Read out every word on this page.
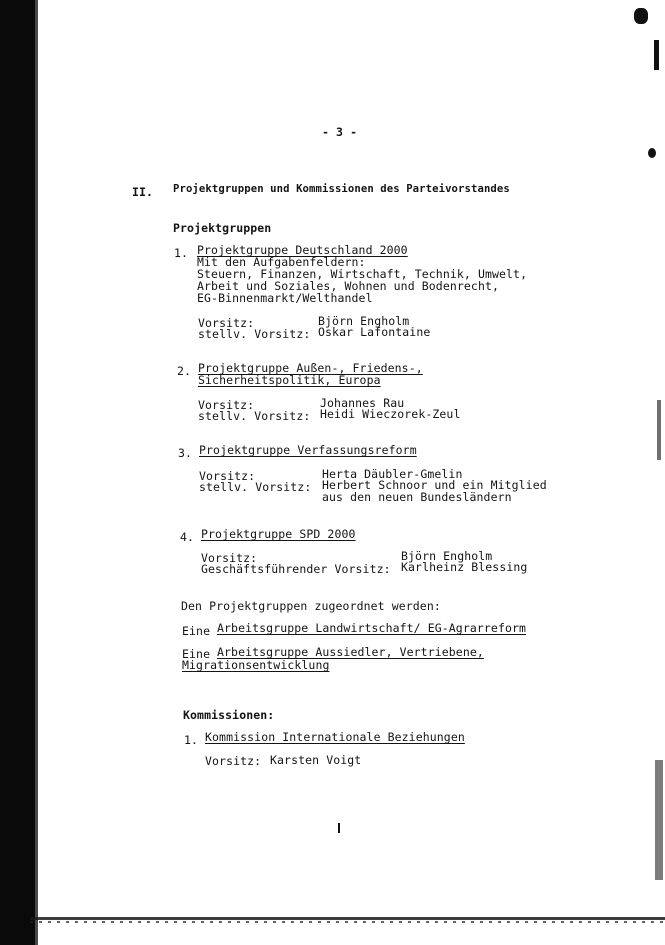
- 3 -
II. Projektgruppen und Kommissionen des Parteivorstandes
Projektgruppen
1. Projektgruppe Deutschland 2000
Mit den Aufgabenfeldern:
Steuern, Finanzen, Wirtschaft, Technik, Umwelt,
Arbeit und Soziales, Wohnen und Bodenrecht,
EG-Binnenmarkt/Welthandel
Vorsitz:	Björn Engholm
stellv. Vorsitz: Oskar Lafontaine
2. Projektgruppe Außen-, Friedens-,
Sicherheitspolitik, Europa
Vorsitz:	Johannes Rau
stellv. Vorsitz: Heidi Wieczorek-Zeul
3. Projektgruppe Verfassungsreform
Vorsitz:	Herta Däubler-Gmelin
stellv. Vorsitz: Herbert Schnoor und ein Mitglied
aus den neuen Bundesländern
4. Projektgruppe SPD 2000
Vorsitz:	Björn Engholm
Geschäftsführender Vorsitz: Karlheinz Blessing
Den Projektgruppen zugeordnet werden:
Eine Arbeitsgruppe Landwirtschaft/ EG-Agrarreform
Eine Arbeitsgruppe Aussiedler, Vertriebene,
Migrationsentwicklung
Kommissionen:
1. Kommission Internationale Beziehungen
Vorsitz: Karsten Voigt
